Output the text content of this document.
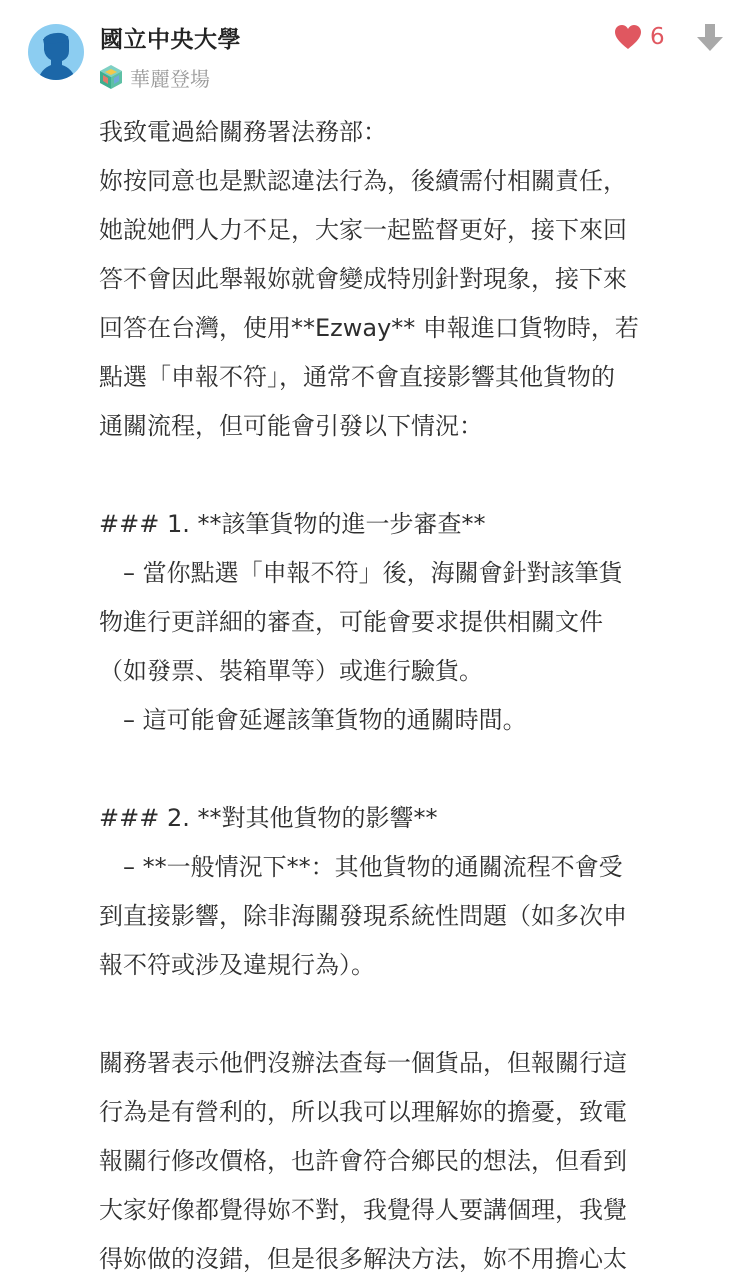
國立中央大學
華麗登場
6

我致電過給關務署法務部：

妳按同意也是默認違法行為，後續需付相關責任，

她說她們人力不足，大家一起監督更好，接下來回

答不會因此舉報妳就會變成特別針對現象，接下來

回答在台灣，使用**Ezway** 申報進口貨物時，若

點選「申報不符」，通常不會直接影響其他貨物的

通關流程，但可能會引發以下情況：

### 1. **該筆貨物的進一步審查**

　– 當你點選「申報不符」後，海關會針對該筆貨

物進行更詳細的審查，可能會要求提供相關文件

（如發票、裝箱單等）或進行驗貨。

　– 這可能會延遲該筆貨物的通關時間。

### 2. **對其他貨物的影響**

　– **一般情況下**：其他貨物的通關流程不會受

到直接影響，除非海關發現系統性問題（如多次申

報不符或涉及違規行為）。

關務署表示他們沒辦法查每一個貨品，但報關行這

行為是有營利的，所以我可以理解妳的擔憂，致電

報關行修改價格，也許會符合鄉民的想法，但看到

大家好像都覺得妳不對，我覺得人要講個理，我覺

得妳做的沒錯，但是很多解決方法，妳不用擔心太
